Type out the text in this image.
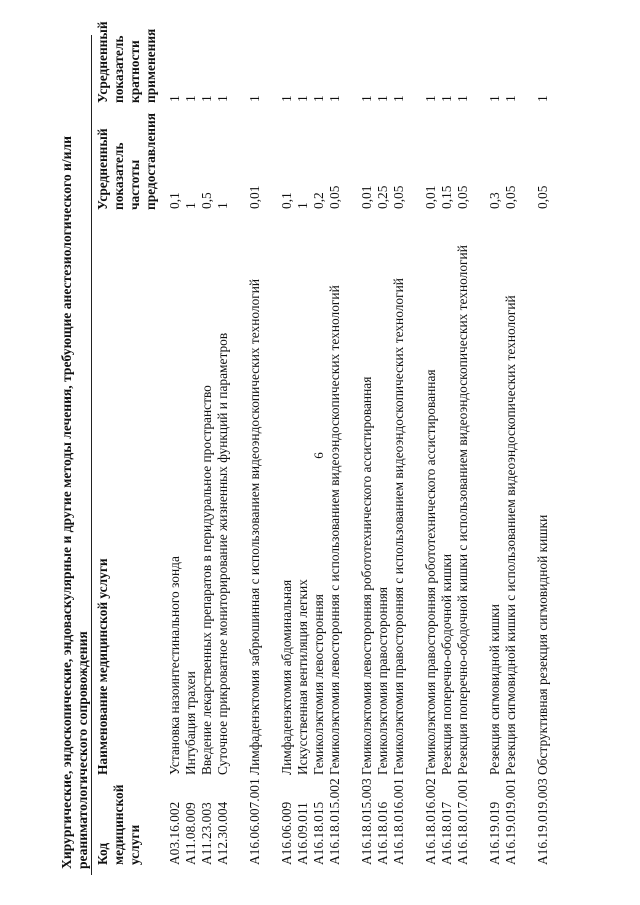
6
Хирургические, эндоскопические, эндоваскулярные и другие методы лечения, требующие анестезиологического и/или реаниматологического сопровождения Код медицинской услуги
Наименование медицинской услуги
Усредненный показатель частоты предоставления
Усредненный показатель кратности применения
A03.16.002
Установка назоинтестинального зонда
0,1
1
A11.08.009
Интубация трахеи
1
1
A11.23.003
Введение лекарственных препаратов в перидуральное пространство
0,5
1
A12.30.004
Суточное прикроватное мониторирование жизненных функций и параметров
1
1
A16.06.007.001
Лимфаденэктомия забрюшинная с использованием видеоэндоскопических технологий
0,01
1
A16.06.009
Лимфаденэктомия абдоминальная
0,1
1
A16.09.011
Искусственная вентиляция легких
1
1
A16.18.015
Гемиколэктомия левосторонняя
0,2
1
A16.18.015.002
Гемиколэктомия левосторонняя с использованием видеоэндоскопических технологий
0,05
1
A16.18.015.003
Гемиколэктомия левосторонняя робототехнического ассистированная
0,01
1
A16.18.016
Гемиколэктомия правосторонняя
0,25
1
A16.18.016.001
Гемиколэктомия правосторонняя с использованием видеоэндоскопических технологий
0,05
1
A16.18.016.002
Гемиколэктомия правосторонняя робототехнического ассистированная
0,01
1
A16.18.017
Резекция поперечно-ободочной кишки
0,15
1
A16.18.017.001
Резекция поперечно-ободочной кишки с использованием видеоэндоскопических технологий
0,05
1
A16.19.019
Резекция сигмовидной кишки
0,3
1
A16.19.019.001
Резекция сигмовидной кишки с использованием видеоэндоскопических технологий
0,05
1
A16.19.019.003
Обструктивная резекция сигмовидной кишки
0,05
1
